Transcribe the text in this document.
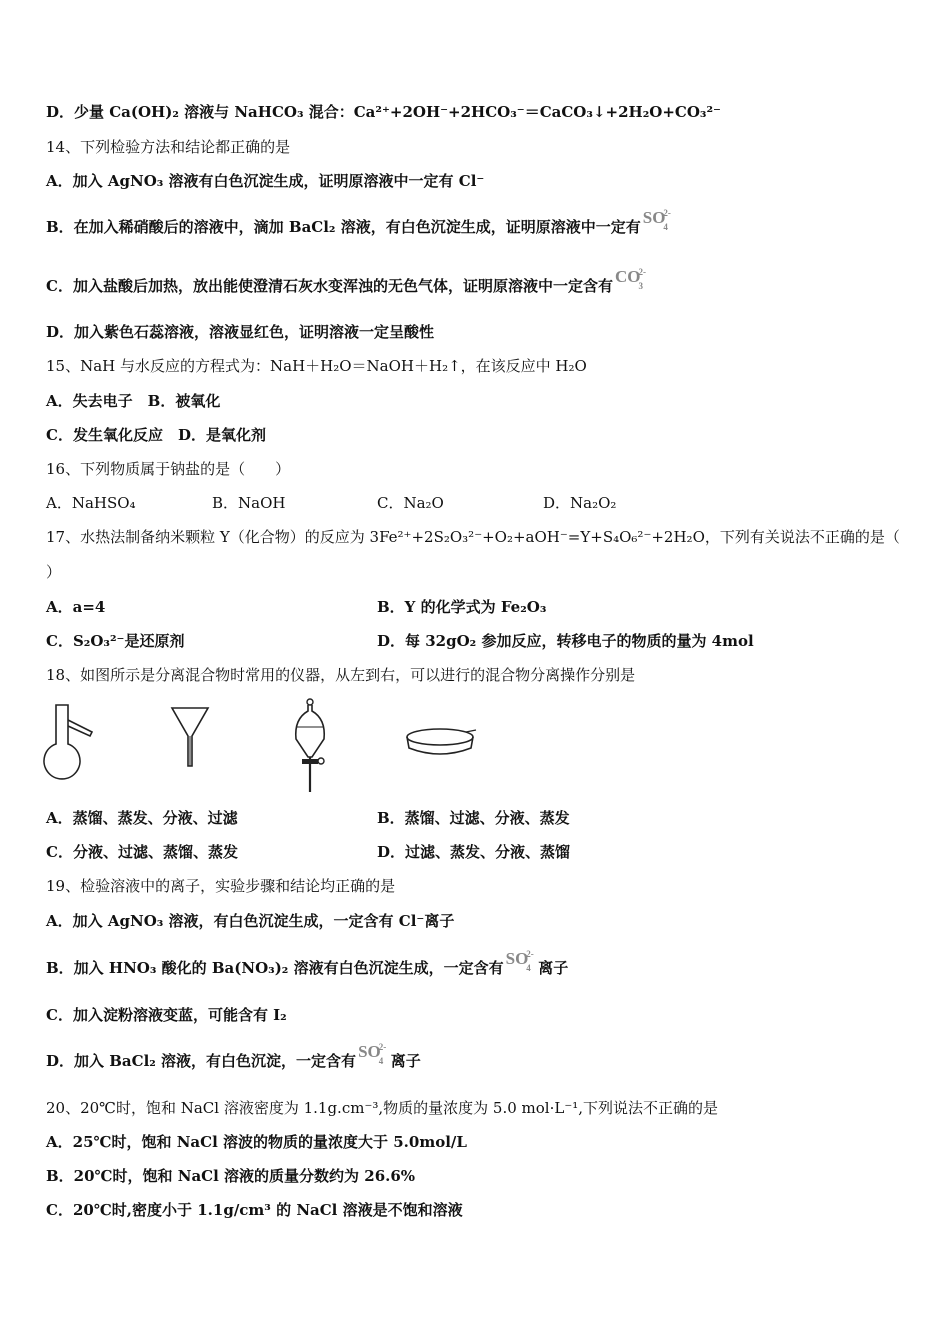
D．少量 Ca(OH)₂ 溶液与 NaHCO₃ 混合：Ca²⁺+2OH⁻+2HCO₃⁻＝CaCO₃↓+2H₂O+CO₃²⁻
14、下列检验方法和结论都正确的是
A．加入 AgNO₃ 溶液有白色沉淀生成，证明原溶液中一定有 Cl⁻
B．在加入稀硝酸后的溶液中，滴加 BaCl₂ 溶液，有白色沉淀生成，证明原溶液中一定有 SO
2-
4
C．加入盐酸后加热，放出能使澄清石灰水变浑浊的无色气体，证明原溶液中一定含有 CO
2-
3
D．加入紫色石蕊溶液，溶液显红色，证明溶液一定呈酸性
15、NaH 与水反应的方程式为：NaH＋H₂O＝NaOH＋H₂↑，在该反应中 H₂O
A．失去电子　B．被氧化
C．发生氧化反应　D．是氧化剂
16、下列物质属于钠盐的是（　　）
A．NaHSO₄	B．NaOH	C．Na₂O	D．Na₂O₂
17、水热法制备纳米颗粒 Y（化合物）的反应为 3Fe²⁺+2S₂O₃²⁻+O₂+aOH⁻=Y+S₄O₆²⁻+2H₂O，下列有关说法不正确的是（
）
A．a=4	B．Y 的化学式为 Fe₂O₃
C．S₂O₃²⁻是还原剂	D．每 32gO₂ 参加反应，转移电子的物质的量为 4mol
18、如图所示是分离混合物时常用的仪器，从左到右，可以进行的混合物分离操作分别是
A．蒸馏、蒸发、分液、过滤	B．蒸馏、过滤、分液、蒸发
C．分液、过滤、蒸馏、蒸发	D．过滤、蒸发、分液、蒸馏
19、检验溶液中的离子，实验步骤和结论均正确的是
A．加入 AgNO₃ 溶液，有白色沉淀生成，一定含有 Cl⁻离子
B．加入 HNO₃ 酸化的 Ba(NO₃)₂ 溶液有白色沉淀生成，一定含有 SO
2-
4 离子
C．加入淀粉溶液变蓝，可能含有 I₂
D．加入 BaCl₂ 溶液，有白色沉淀，一定含有 SO
2-
4 离子
20、20℃时，饱和 NaCl 溶液密度为 1.1g.cm⁻³,物质的量浓度为 5.0 mol·L⁻¹,下列说法不正确的是
A．25℃时，饱和 NaCl 溶波的物质的量浓度大于 5.0mol/L
B．20℃时，饱和 NaCl 溶液的质量分数约为 26.6%
C．20℃时,密度小于 1.1g/cm³ 的 NaCl 溶液是不饱和溶液
